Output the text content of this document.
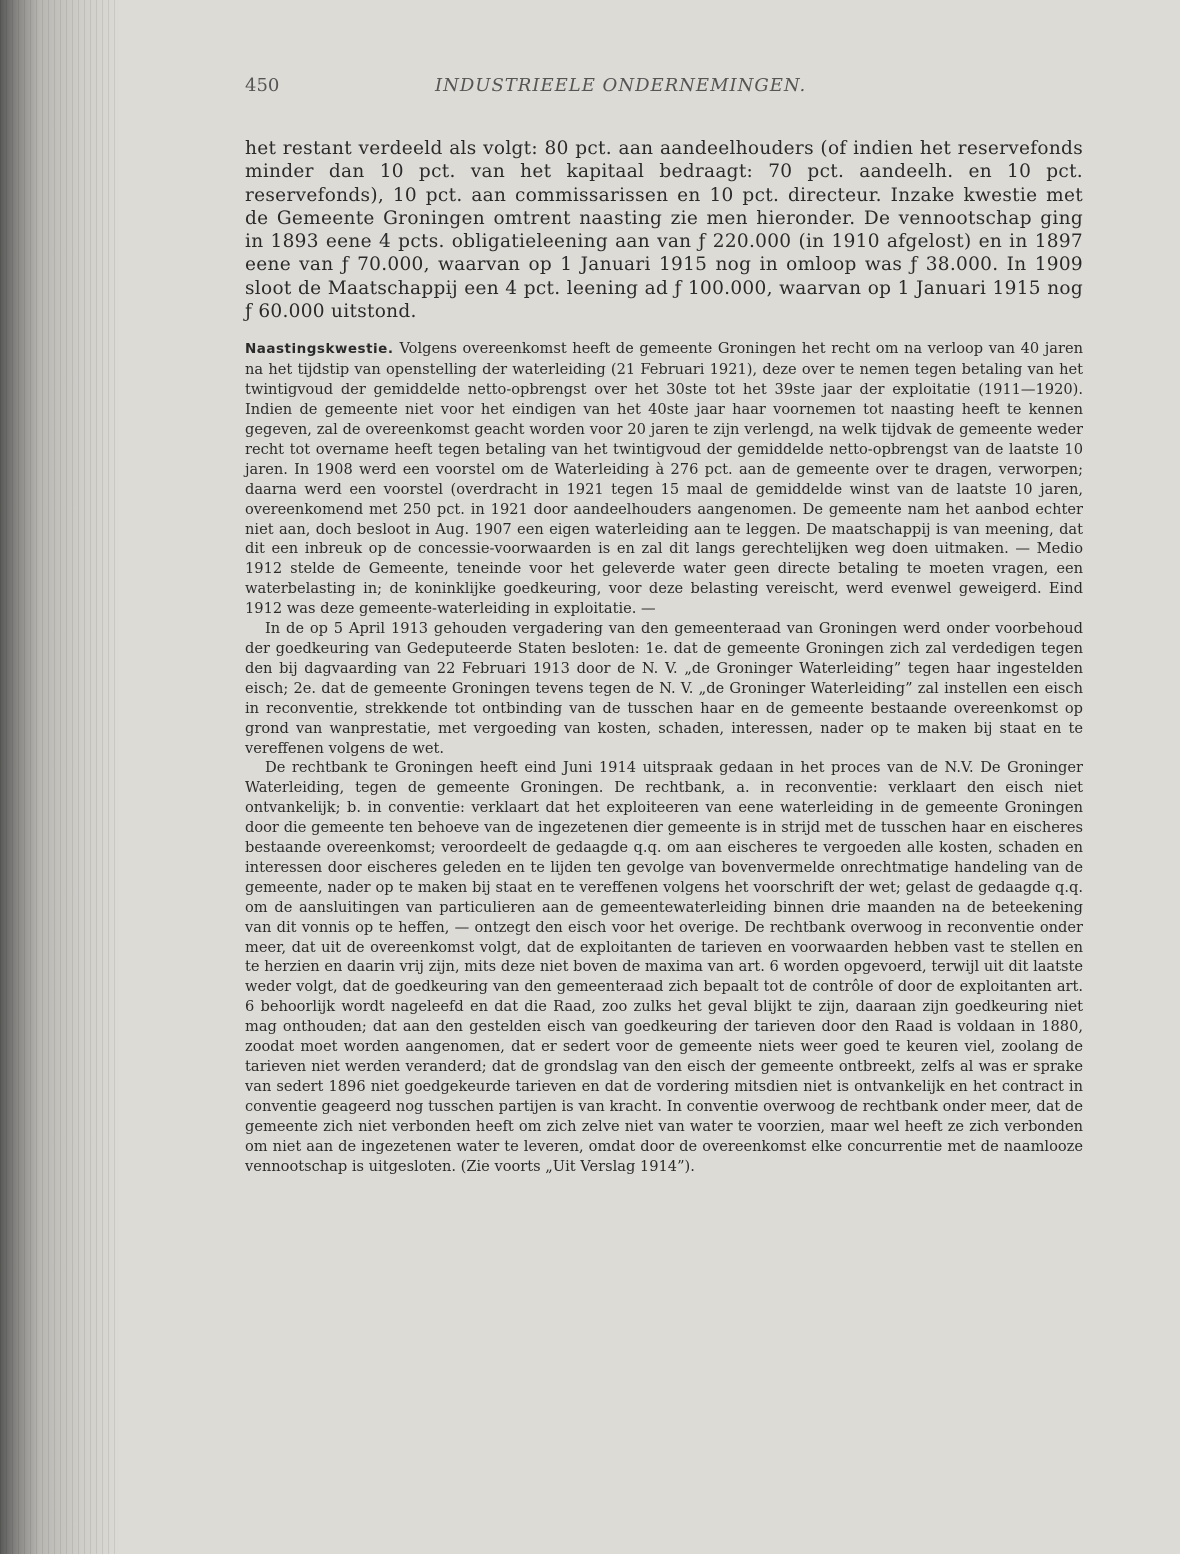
450	INDUSTRIEELE ONDERNEMINGEN.
het restant verdeeld als volgt: 80 pct. aan aandeelhouders (of indien het reservefonds minder dan 10 pct. van het kapitaal bedraagt: 70 pct. aandeelh. en 10 pct. reservefonds), 10 pct. aan commissarissen en 10 pct. directeur. Inzake kwestie met de Gemeente Groningen omtrent naasting zie men hieronder. De vennootschap ging in 1893 eene 4 pcts. obligatieleening aan van ƒ 220.000 (in 1910 afgelost) en in 1897 eene van ƒ 70.000, waarvan op 1 Januari 1915 nog in omloop was ƒ 38.000. In 1909 sloot de Maatschappij een 4 pct. leening ad ƒ 100.000, waarvan op 1 Januari 1915 nog ƒ 60.000 uitstond.

Naastingskwestie. Volgens overeenkomst heeft de gemeente Groningen het recht om na verloop van 40 jaren na het tijdstip van openstelling der waterleiding (21 Februari 1921), deze over te nemen tegen betaling van het twintigvoud der gemiddelde netto-opbrengst over het 30ste tot het 39ste jaar der exploitatie (1911—1920). Indien de gemeente niet voor het eindigen van het 40ste jaar haar voornemen tot naasting heeft te kennen gegeven, zal de overeenkomst geacht worden voor 20 jaren te zijn verlengd, na welk tijdvak de gemeente weder recht tot overname heeft tegen betaling van het twintigvoud der gemiddelde netto-opbrengst van de laatste 10 jaren. In 1908 werd een voorstel om de Waterleiding à 276 pct. aan de gemeente over te dragen, verworpen; daarna werd een voorstel (overdracht in 1921 tegen 15 maal de gemiddelde winst van de laatste 10 jaren, overeenkomend met 250 pct. in 1921 door aandeelhouders aangenomen. De gemeente nam het aanbod echter niet aan, doch besloot in Aug. 1907 een eigen waterleiding aan te leggen. De maatschappij is van meening, dat dit een inbreuk op de concessie-voorwaarden is en zal dit langs gerechtelijken weg doen uitmaken. — Medio 1912 stelde de Gemeente, teneinde voor het geleverde water geen directe betaling te moeten vragen, een waterbelasting in; de koninklijke goedkeuring, voor deze belasting vereischt, werd evenwel geweigerd. Eind 1912 was deze gemeente-waterleiding in exploitatie. —

In de op 5 April 1913 gehouden vergadering van den gemeenteraad van Groningen werd onder voorbehoud der goedkeuring van Gedeputeerde Staten besloten: 1e. dat de gemeente Groningen zich zal verdedigen tegen den bij dagvaarding van 22 Februari 1913 door de N. V. „de Groninger Waterleiding” tegen haar ingestelden eisch; 2e. dat de gemeente Groningen tevens tegen de N. V. „de Groninger Waterleiding” zal instellen een eisch in reconventie, strekkende tot ontbinding van de tusschen haar en de gemeente bestaande overeenkomst op grond van wanprestatie, met vergoeding van kosten, schaden, interessen, nader op te maken bij staat en te vereffenen volgens de wet.

De rechtbank te Groningen heeft eind Juni 1914 uitspraak gedaan in het proces van de N.V. De Groninger Waterleiding, tegen de gemeente Groningen. De rechtbank, a. in reconventie: verklaart den eisch niet ontvankelijk; b. in conventie: verklaart dat het exploiteeren van eene waterleiding in de gemeente Groningen door die gemeente ten behoeve van de ingezetenen dier gemeente is in strijd met de tusschen haar en eischeres bestaande overeenkomst; veroordeelt de gedaagde q.q. om aan eischeres te vergoeden alle kosten, schaden en interessen door eischeres geleden en te lijden ten gevolge van bovenvermelde onrechtmatige handeling van de gemeente, nader op te maken bij staat en te vereffenen volgens het voorschrift der wet; gelast de gedaagde q.q. om de aansluitingen van particulieren aan de gemeentewaterleiding binnen drie maanden na de beteekening van dit vonnis op te heffen, — ontzegt den eisch voor het overige. De rechtbank overwoog in reconventie onder meer, dat uit de overeenkomst volgt, dat de exploitanten de tarieven en voorwaarden hebben vast te stellen en te herzien en daarin vrij zijn, mits deze niet boven de maxima van art. 6 worden opgevoerd, terwijl uit dit laatste weder volgt, dat de goedkeuring van den gemeenteraad zich bepaalt tot de contrôle of door de exploitanten art. 6 behoorlijk wordt nageleefd en dat die Raad, zoo zulks het geval blijkt te zijn, daaraan zijn goedkeuring niet mag onthouden; dat aan den gestelden eisch van goedkeuring der tarieven door den Raad is voldaan in 1880, zoodat moet worden aangenomen, dat er sedert voor de gemeente niets weer goed te keuren viel, zoolang de tarieven niet werden veranderd; dat de grondslag van den eisch der gemeente ontbreekt, zelfs al was er sprake van sedert 1896 niet goedgekeurde tarieven en dat de vordering mitsdien niet is ontvankelijk en het contract in conventie geageerd nog tusschen partijen is van kracht. In conventie overwoog de rechtbank onder meer, dat de gemeente zich niet verbonden heeft om zich zelve niet van water te voorzien, maar wel heeft ze zich verbonden om niet aan de ingezetenen water te leveren, omdat door de overeenkomst elke concurrentie met de naamlooze vennootschap is uitgesloten. (Zie voorts „Uit Verslag 1914”).
